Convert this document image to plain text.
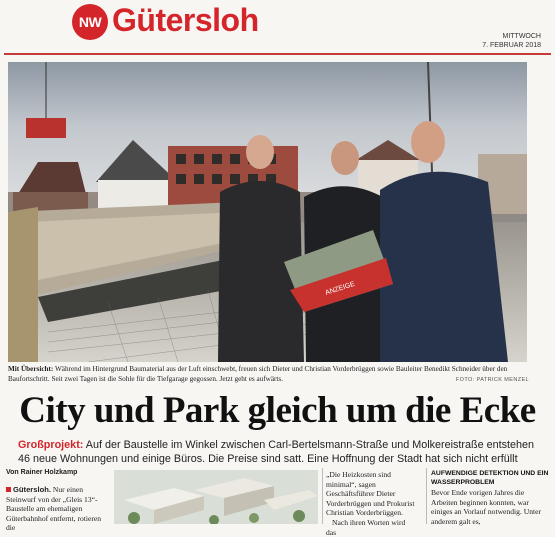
NW Gütersloh	MITTWOCH
7. FEBRUAR 2018
ANZEIGE
Mit Übersicht: Während im Hintergrund Baumaterial aus der Luft einschwebt, freuen sich Dieter und Christian Vorderbrüggen sowie Bauleiter Benedikt Schneider über den Baufortschritt. Seit zwei Tagen ist die Sohle für die Tiefgarage gegossen. Jetzt geht es aufwärts.	FOTO: PATRICK MENZEL
City und Park gleich um die Ecke
Großprojekt: Auf der Baustelle im Winkel zwischen Carl-Bertelsmann-Straße und Molkereistraße entstehen 46 neue Wohnungen und einige Büros. Die Preise sind satt. Eine Hoffnung der Stadt hat sich nicht erfüllt
Von Rainer Holzkamp
Gütersloh. Nur einen Steinwurf von der „Gleis 13“-Baustelle am ehemaligen Güterbahnhof entfernt, rotieren die
„Die Heizkosten sind minimal“, sagen Geschäftsführer Dieter Vorderbrüggen und Prokurist Christian Vorderbrüggen.
Nach ihren Worten wird das
AUFWENDIGE DETEKTION UND EIN WASSERPROBLEM
Bevor Ende vorigen Jahres die Arbeiten beginnen konnten, war einiges an Vorlauf notwendig. Unter anderem galt es,
